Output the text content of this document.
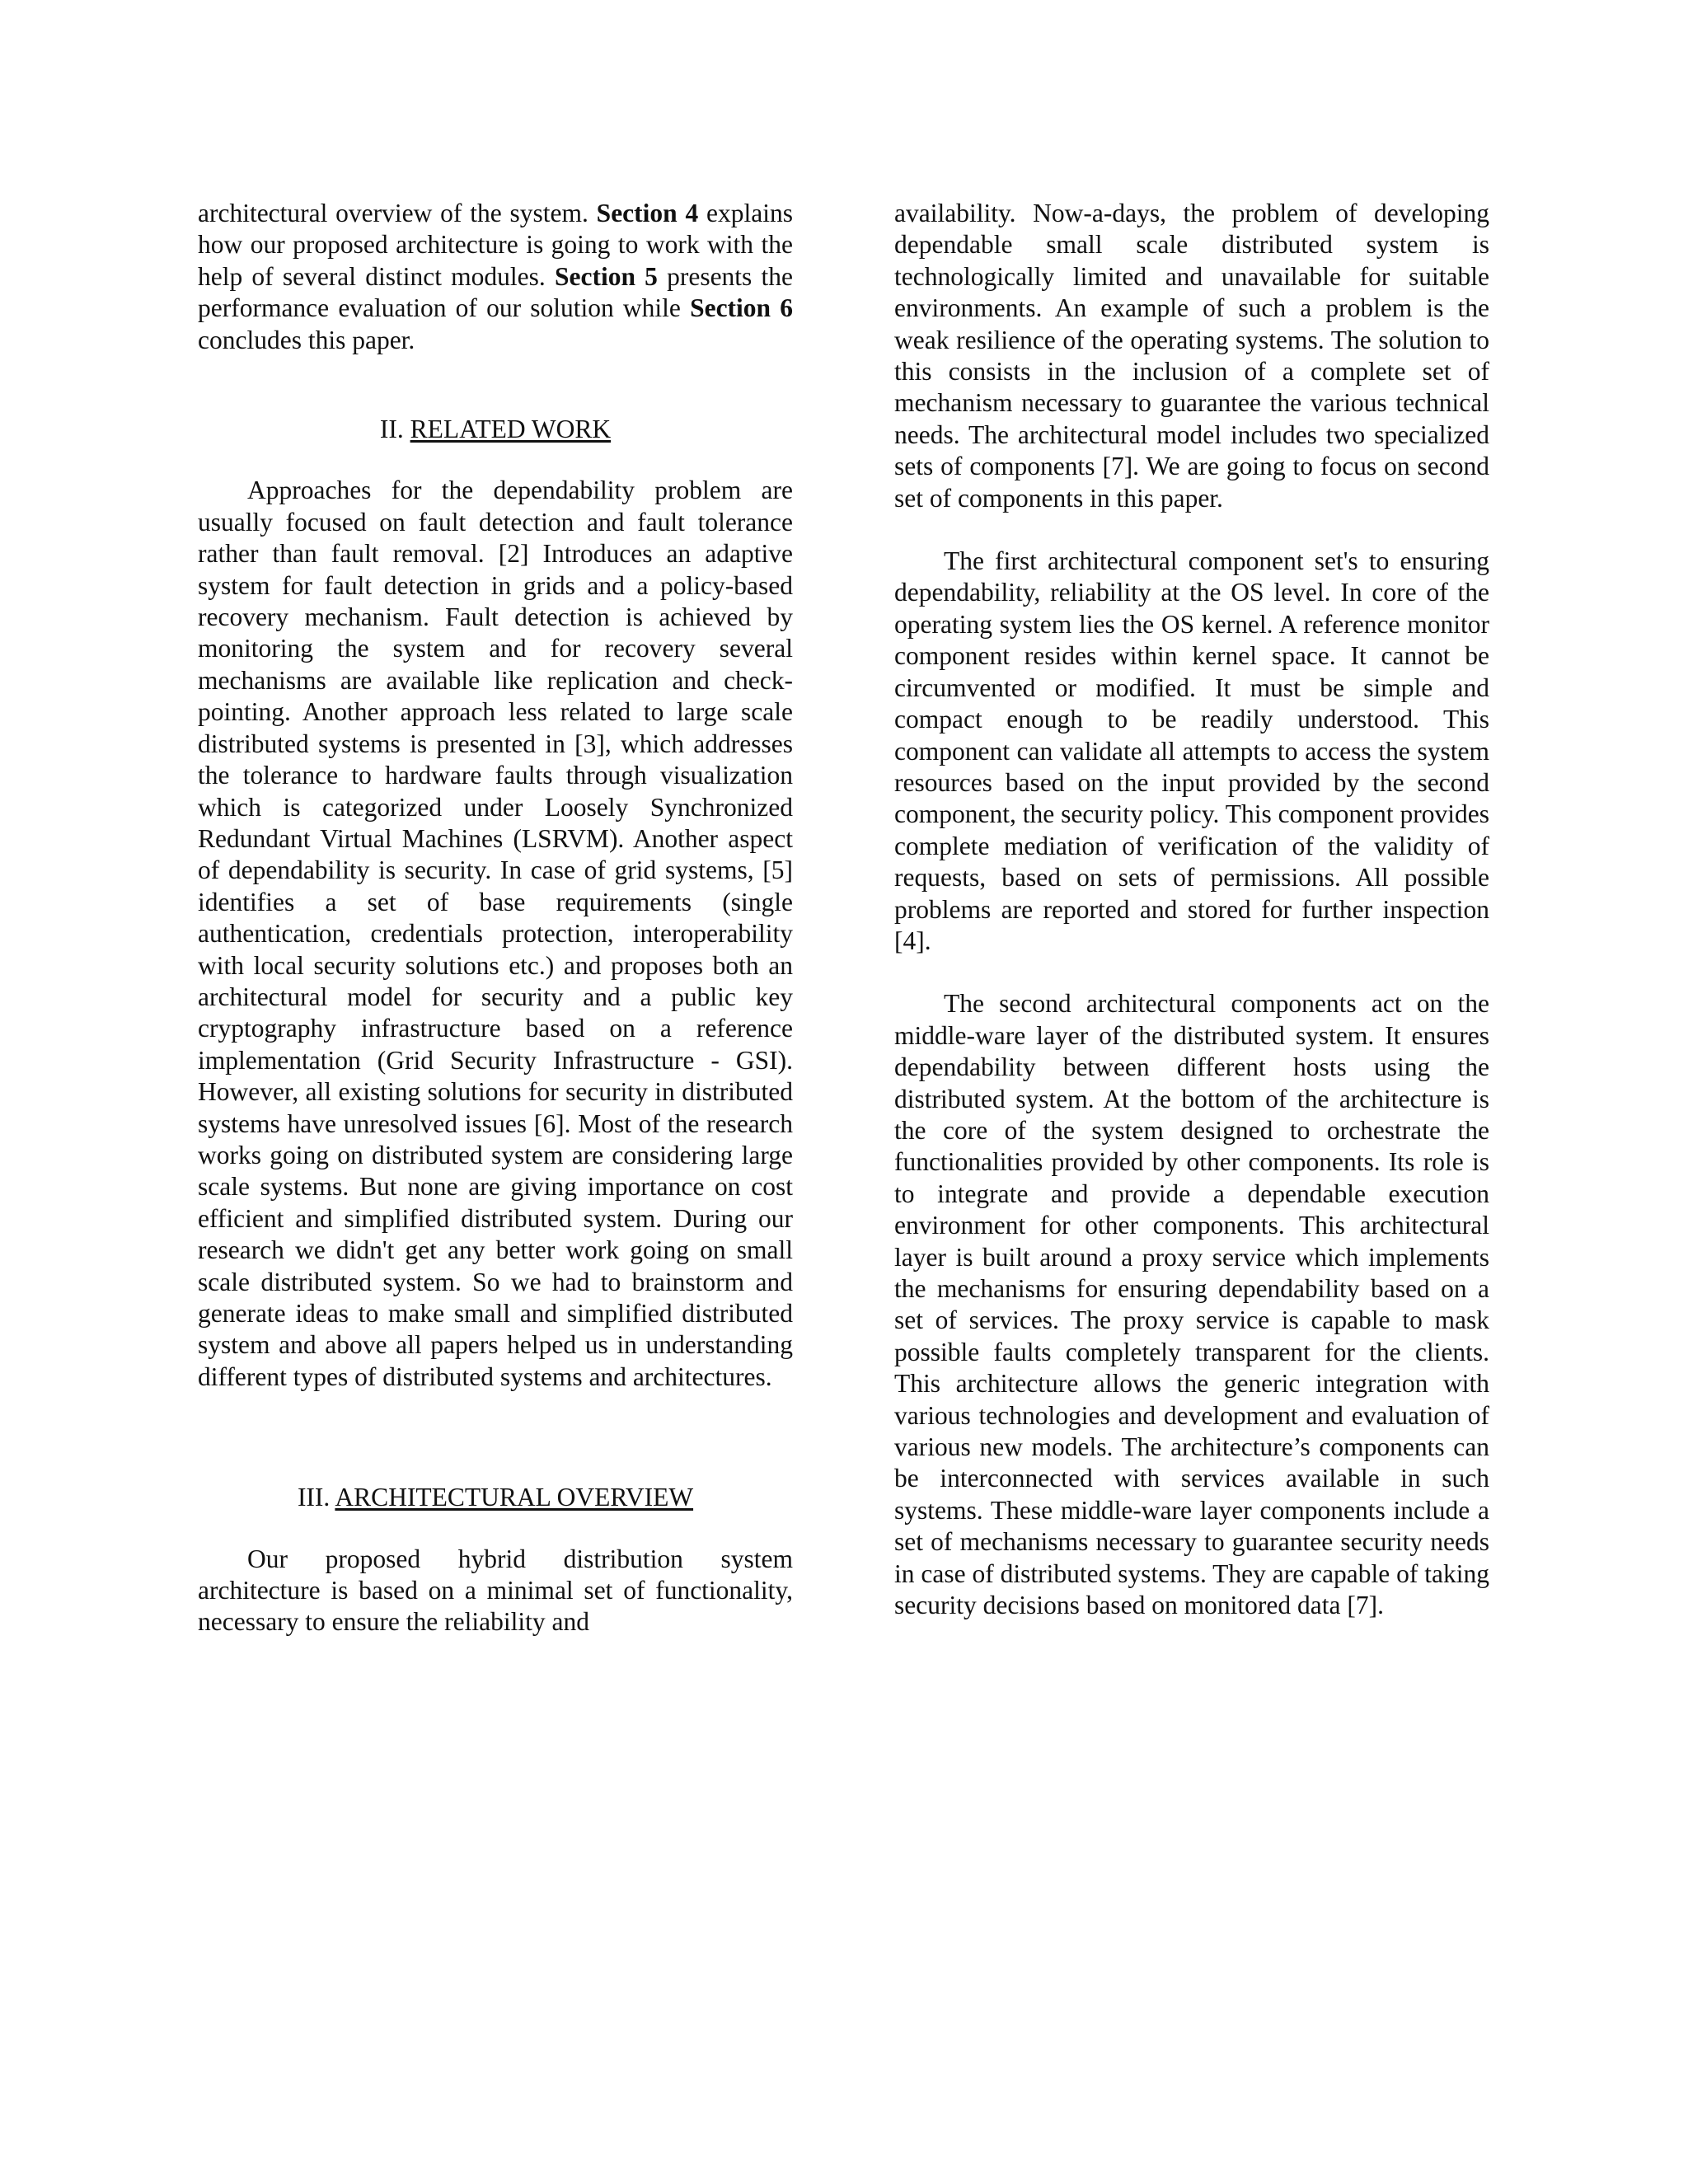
architectural overview of the system. Section 4 explains how our proposed architecture is going to work with the help of several distinct modules. Section 5 presents the performance evaluation of our solution while Section 6 concludes this paper.

II. RELATED WORK

Approaches for the dependability problem are usually focused on fault detection and fault tolerance rather than fault removal. [2] Introduces an adaptive system for fault detection in grids and a policy-based recovery mechanism. Fault detection is achieved by monitoring the system and for recovery several mechanisms are available like replication and check-pointing. Another approach less related to large scale distributed systems is presented in [3], which addresses the tolerance to hardware faults through visualization which is categorized under Loosely Synchronized Redundant Virtual Machines (LSRVM). Another aspect of dependability is security. In case of grid systems, [5] identifies a set of base requirements (single authentication, credentials protection, interoperability with local security solutions etc.) and proposes both an architectural model for security and a public key cryptography infrastructure based on a reference implementation (Grid Security Infrastructure - GSI). However, all existing solutions for security in distributed systems have unresolved issues [6]. Most of the research works going on distributed system are considering large scale systems. But none are giving importance on cost efficient and simplified distributed system. During our research we didn't get any better work going on small scale distributed system. So we had to brainstorm and generate ideas to make small and simplified distributed system and above all papers helped us in understanding different types of distributed systems and architectures.

III. ARCHITECTURAL OVERVIEW

Our proposed hybrid distribution system architecture is based on a minimal set of functionality, necessary to ensure the reliability and

availability. Now-a-days, the problem of developing dependable small scale distributed system is technologically limited and unavailable for suitable environments. An example of such a problem is the weak resilience of the operating systems. The solution to this consists in the inclusion of a complete set of mechanism necessary to guarantee the various technical needs. The architectural model includes two specialized sets of components [7]. We are going to focus on second set of components in this paper.

The first architectural component set's to ensuring dependability, reliability at the OS level. In core of the operating system lies the OS kernel. A reference monitor component resides within kernel space. It cannot be circumvented or modified. It must be simple and compact enough to be readily understood. This component can validate all attempts to access the system resources based on the input provided by the second component, the security policy. This component provides complete mediation of verification of the validity of requests, based on sets of permissions. All possible problems are reported and stored for further inspection [4].

The second architectural components act on the middle-ware layer of the distributed system. It ensures dependability between different hosts using the distributed system. At the bottom of the architecture is the core of the system designed to orchestrate the functionalities provided by other components. Its role is to integrate and provide a dependable execution environment for other components. This architectural layer is built around a proxy service which implements the mechanisms for ensuring dependability based on a set of services. The proxy service is capable to mask possible faults completely transparent for the clients. This architecture allows the generic integration with various technologies and development and evaluation of various new models. The architecture’s components can be interconnected with services available in such systems. These middle-ware layer components include a set of mechanisms necessary to guarantee security needs in case of distributed systems. They are capable of taking security decisions based on monitored data [7].
